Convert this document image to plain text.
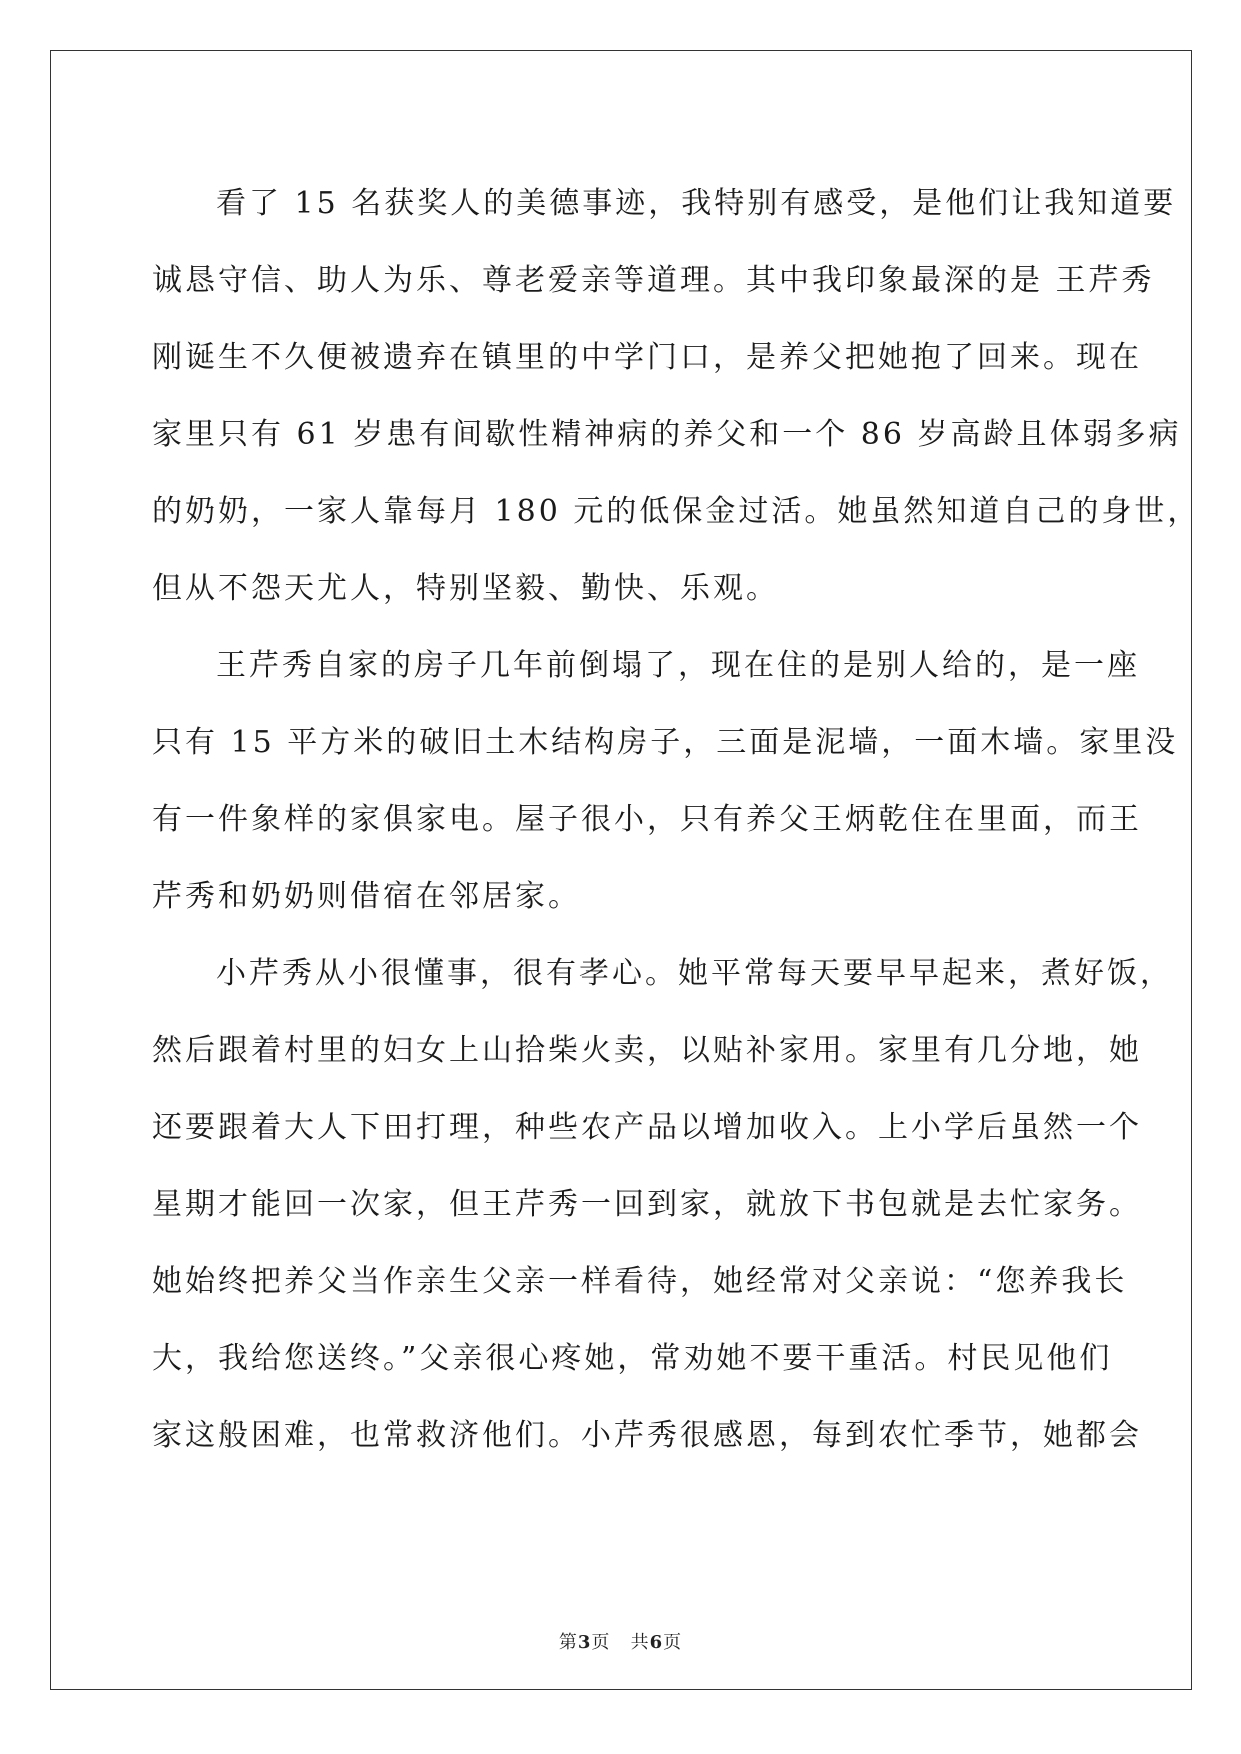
看了 15 名获奖人的美德事迹，我特别有感受，是他们让我知道要
诚恳守信、助人为乐、尊老爱亲等道理。其中我印象最深的是 王芹秀
刚诞生不久便被遗弃在镇里的中学门口，是养父把她抱了回来。现在
家里只有 61 岁患有间歇性精神病的养父和一个 86 岁高龄且体弱多病
的奶奶，一家人靠每月 180 元的低保金过活。她虽然知道自己的身世，
但从不怨天尤人，特别坚毅、勤快、乐观。

王芹秀自家的房子几年前倒塌了，现在住的是别人给的，是一座
只有 15 平方米的破旧土木结构房子，三面是泥墙，一面木墙。家里没
有一件象样的家俱家电。屋子很小，只有养父王炳乾住在里面，而王
芹秀和奶奶则借宿在邻居家。

小芹秀从小很懂事，很有孝心。她平常每天要早早起来，煮好饭，
然后跟着村里的妇女上山拾柴火卖，以贴补家用。家里有几分地，她
还要跟着大人下田打理，种些农产品以增加收入。上小学后虽然一个
星期才能回一次家，但王芹秀一回到家，就放下书包就是去忙家务。
她始终把养父当作亲生父亲一样看待，她经常对父亲说：“您养我长
大，我给您送终。”父亲很心疼她，常劝她不要干重活。村民见他们
家这般困难，也常救济他们。小芹秀很感恩，每到农忙季节，她都会

第3页 共6页
